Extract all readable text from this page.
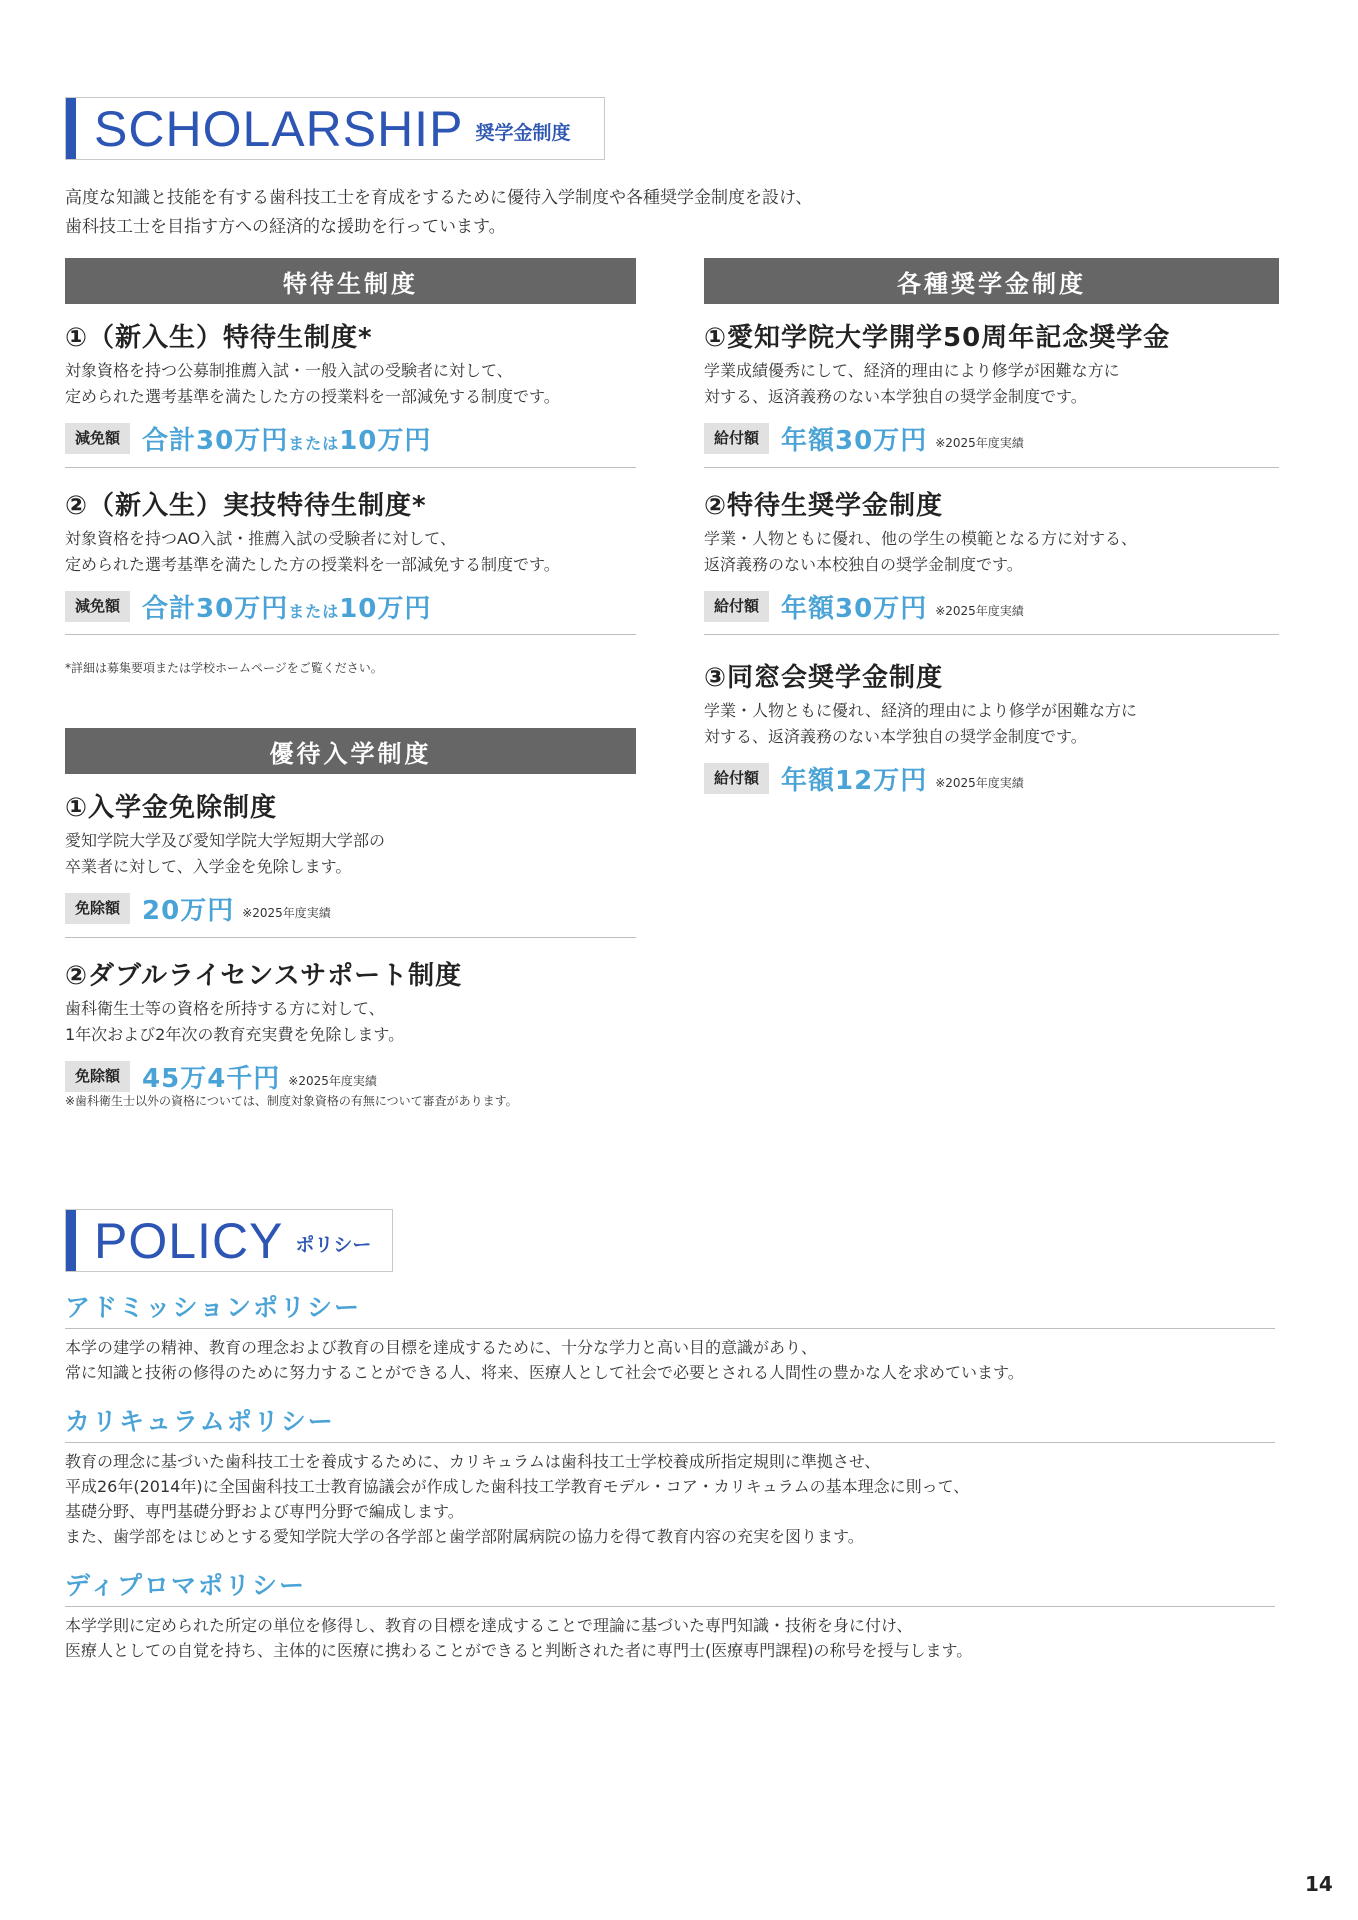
SCHOLARSHIP 奨学金制度
高度な知識と技能を有する歯科技工士を育成をするために優待入学制度や各種奨学金制度を設け、
歯科技工士を目指す方への経済的な援助を行っています。
特待生制度
①（新入生）特待生制度*
対象資格を持つ公募制推薦入試・一般入試の受験者に対して、
定められた選考基準を満たした方の授業料を一部減免する制度です。
減免額 合計30万円または10万円
②（新入生）実技特待生制度*
対象資格を持つAO入試・推薦入試の受験者に対して、
定められた選考基準を満たした方の授業料を一部減免する制度です。
減免額 合計30万円または10万円
*詳細は募集要項または学校ホームページをご覧ください。
優待入学制度
①入学金免除制度
愛知学院大学及び愛知学院大学短期大学部の
卒業者に対して、入学金を免除します。
免除額 20万円 ※2025年度実績
②ダブルライセンスサポート制度
歯科衛生士等の資格を所持する方に対して、
1年次および2年次の教育充実費を免除します。
免除額 45万4千円 ※2025年度実績
※歯科衛生士以外の資格については、制度対象資格の有無について審査があります。
各種奨学金制度
①愛知学院大学開学50周年記念奨学金
学業成績優秀にして、経済的理由により修学が困難な方に
対する、返済義務のない本学独自の奨学金制度です。
給付額 年額30万円 ※2025年度実績
②特待生奨学金制度
学業・人物ともに優れ、他の学生の模範となる方に対する、
返済義務のない本校独自の奨学金制度です。
給付額 年額30万円 ※2025年度実績
③同窓会奨学金制度
学業・人物ともに優れ、経済的理由により修学が困難な方に
対する、返済義務のない本学独自の奨学金制度です。
給付額 年額12万円 ※2025年度実績
POLICY ポリシー
アドミッションポリシー
本学の建学の精神、教育の理念および教育の目標を達成するために、十分な学力と高い目的意識があり、
常に知識と技術の修得のために努力することができる人、将来、医療人として社会で必要とされる人間性の豊かな人を求めています。
カリキュラムポリシー
教育の理念に基づいた歯科技工士を養成するために、カリキュラムは歯科技工士学校養成所指定規則に準拠させ、
平成26年(2014年)に全国歯科技工士教育協議会が作成した歯科技工学教育モデル・コア・カリキュラムの基本理念に則って、
基礎分野、専門基礎分野および専門分野で編成します。
また、歯学部をはじめとする愛知学院大学の各学部と歯学部附属病院の協力を得て教育内容の充実を図ります。
ディプロマポリシー
本学学則に定められた所定の単位を修得し、教育の目標を達成することで理論に基づいた専門知識・技術を身に付け、
医療人としての自覚を持ち、主体的に医療に携わることができると判断された者に専門士(医療専門課程)の称号を授与します。
14
